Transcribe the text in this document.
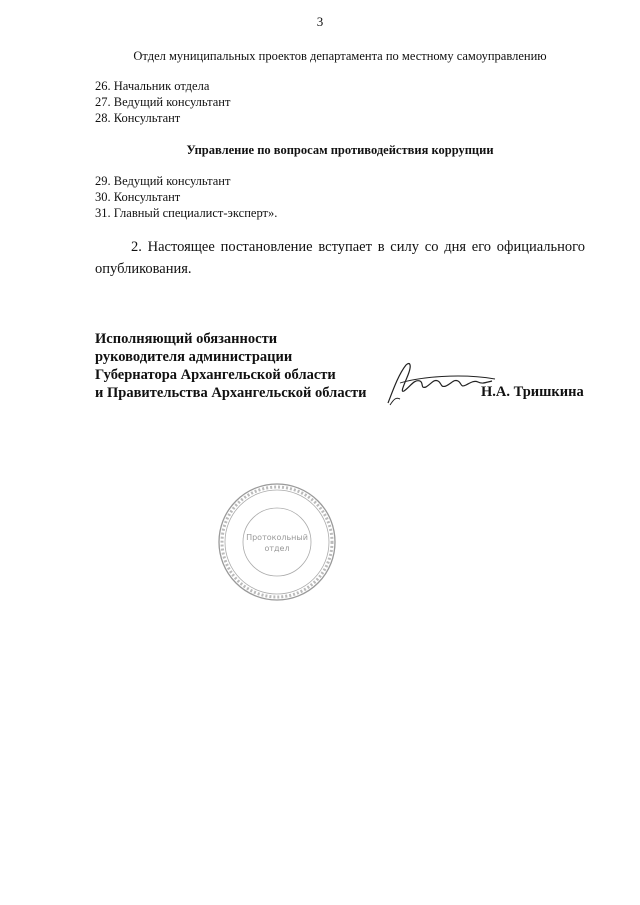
3
Отдел муниципальных проектов департамента по местному самоуправлению
26. Начальник отдела
27. Ведущий консультант
28. Консультант
Управление по вопросам противодействия коррупции
29. Ведущий консультант
30. Консультант
31. Главный специалист-эксперт».
2. Настоящее постановление вступает в силу со дня его официального опубликования.
Исполняющий обязанности
руководителя администрации
Губернатора Архангельской области
и Правительства Архангельской области	Н.А. Тришкина
Протокольный
отдел
